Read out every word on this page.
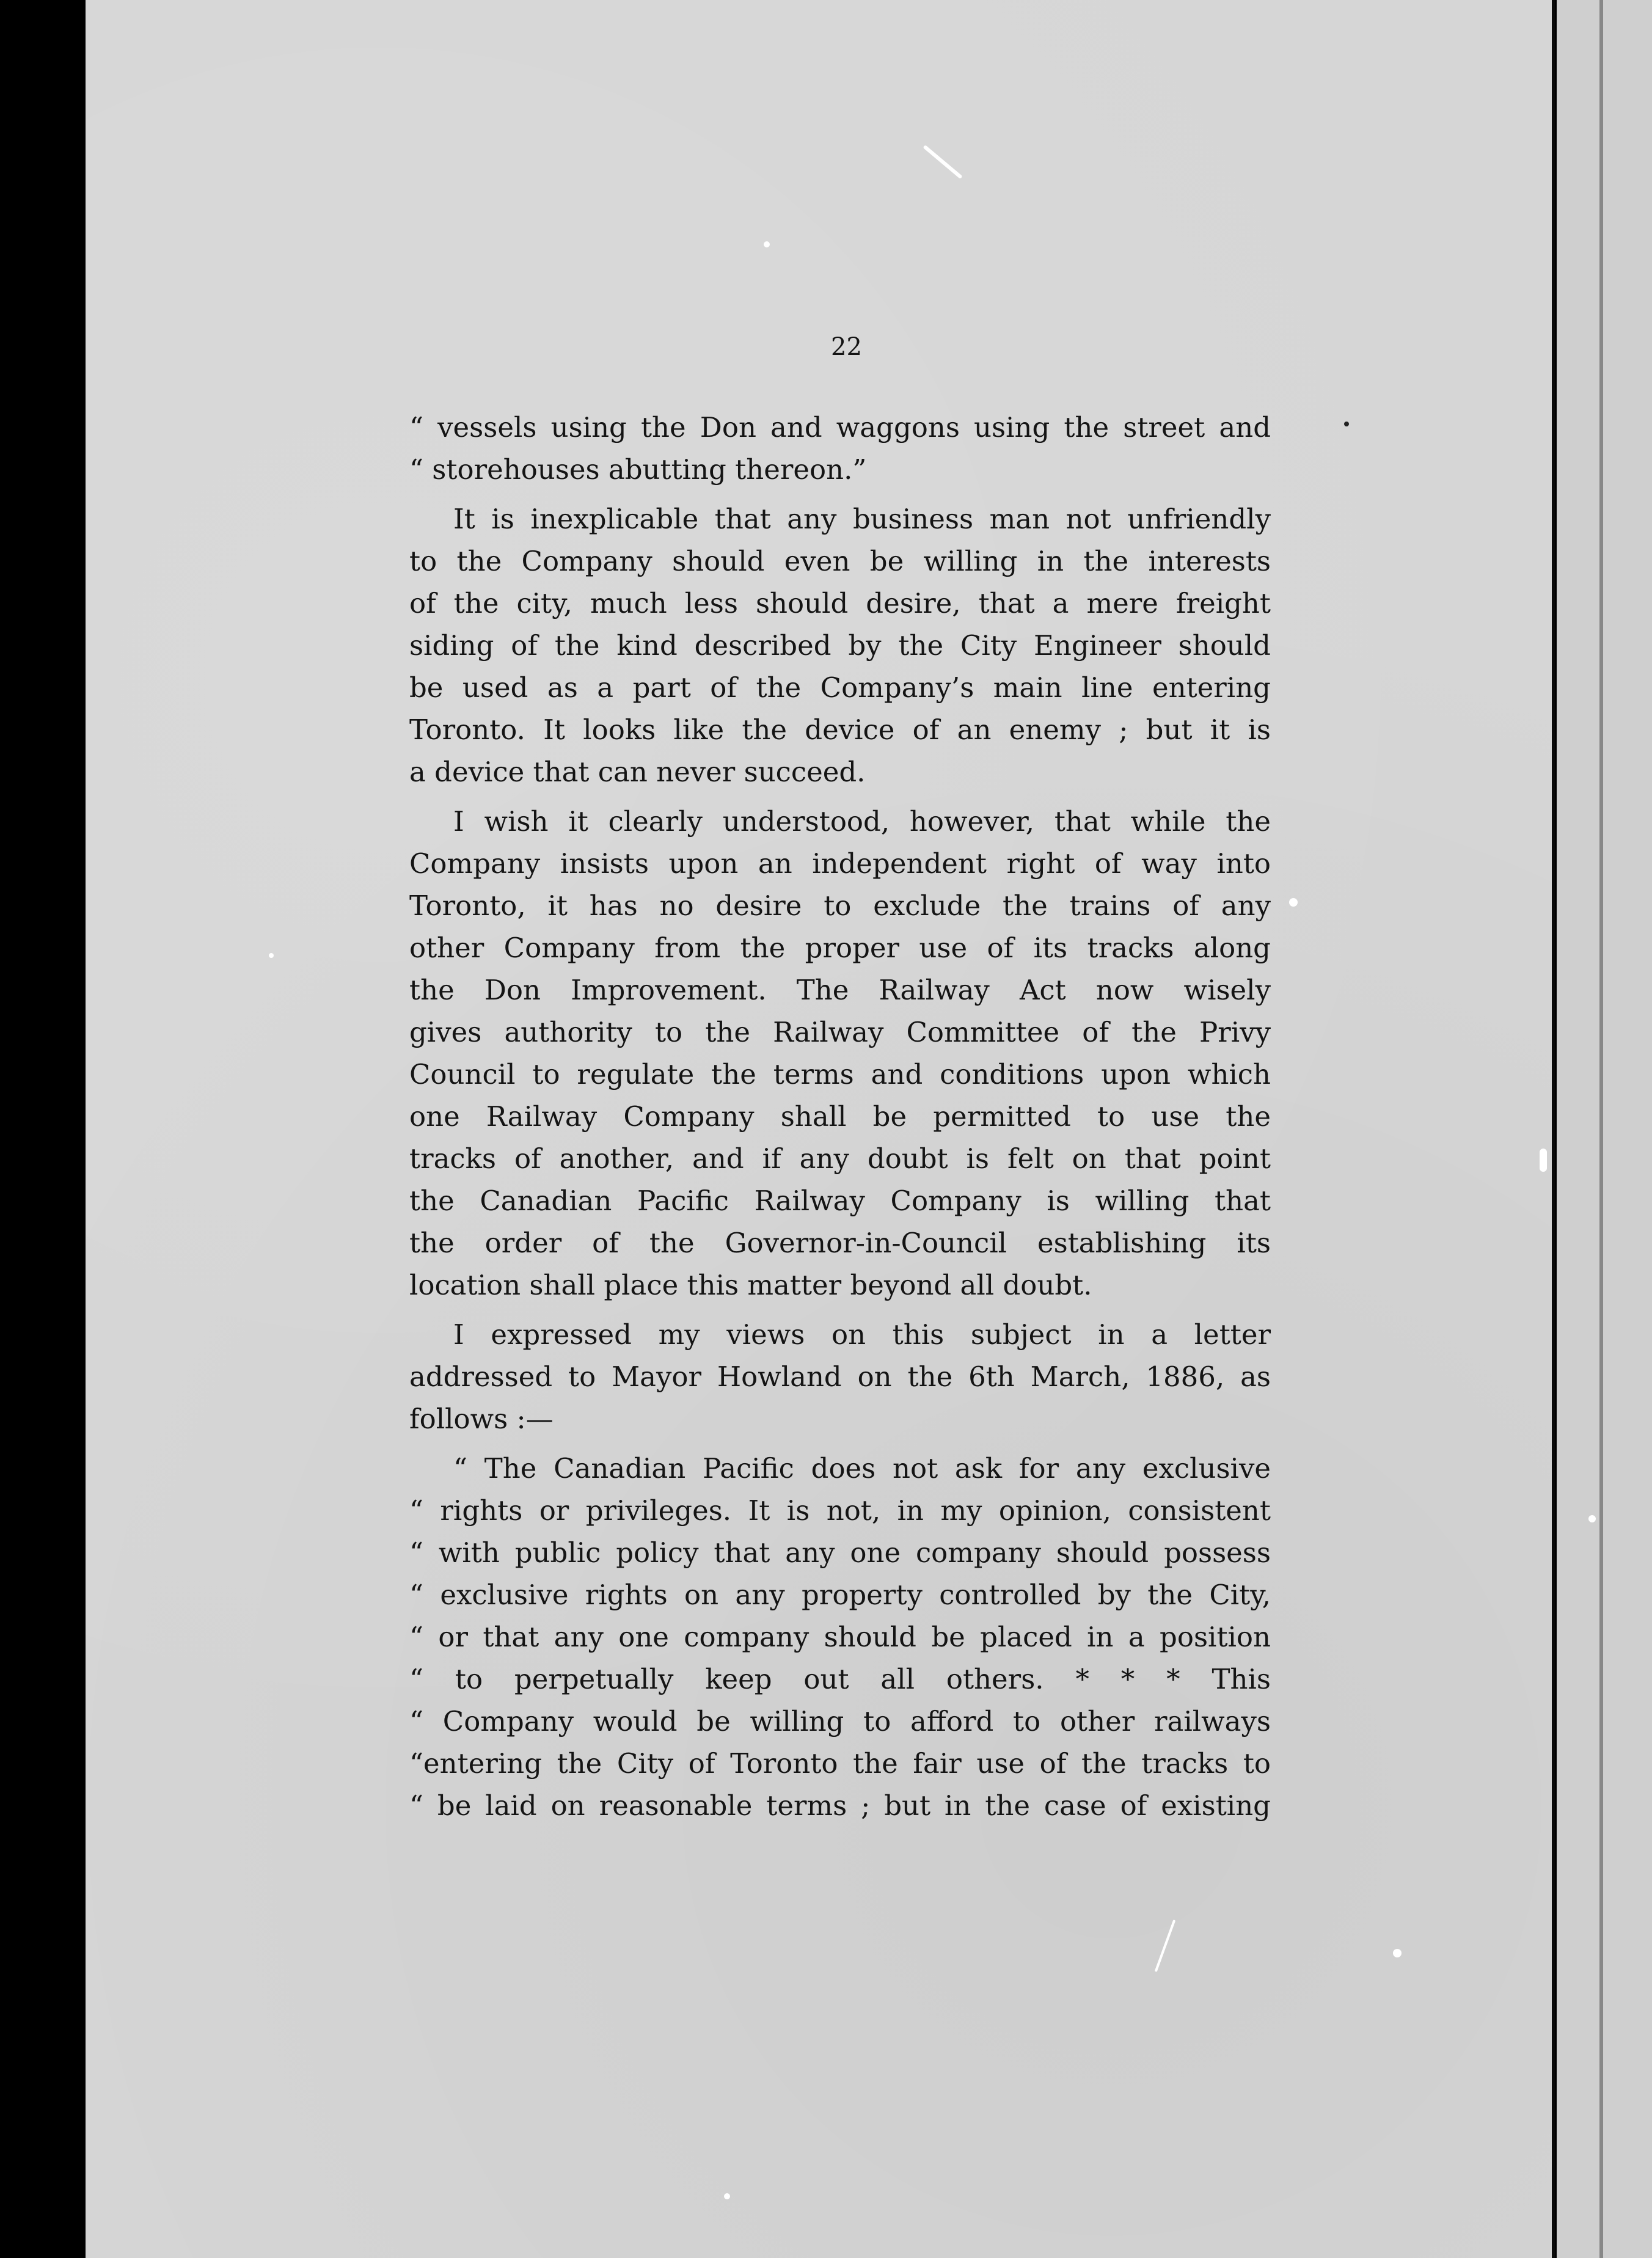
22
“ vessels using the Don and waggons using the street and
“ storehouses abutting thereon.”
It is inexplicable that any business man not unfriendly
to the Company should even be willing in the interests
of the city, much less should desire, that a mere freight
siding of the kind described by the City Engineer should
be used as a part of the Company’s main line entering
Toronto. It looks like the device of an enemy ; but it is
a device that can never succeed.
I wish it clearly understood, however, that while the
Company insists upon an independent right of way into
Toronto, it has no desire to exclude the trains of any
other Company from the proper use of its tracks along
the Don Improvement. The Railway Act now wisely
gives authority to the Railway Committee of the Privy
Council to regulate the terms and conditions upon which
one Railway Company shall be permitted to use the
tracks of another, and if any doubt is felt on that point
the Canadian Pacific Railway Company is willing that
the order of the Governor-in-Council establishing its
location shall place this matter beyond all doubt.
I expressed my views on this subject in a letter
addressed to Mayor Howland on the 6th March, 1886, as
follows :—
“ The Canadian Pacific does not ask for any exclusive
“ rights or privileges. It is not, in my opinion, consistent
“ with public policy that any one company should possess
“ exclusive rights on any property controlled by the City,
“ or that any one company should be placed in a position
“ to perpetually keep out all others. * * * This
“ Company would be willing to afford to other railways
“entering the City of Toronto the fair use of the tracks to
“ be laid on reasonable terms ; but in the case of existing
